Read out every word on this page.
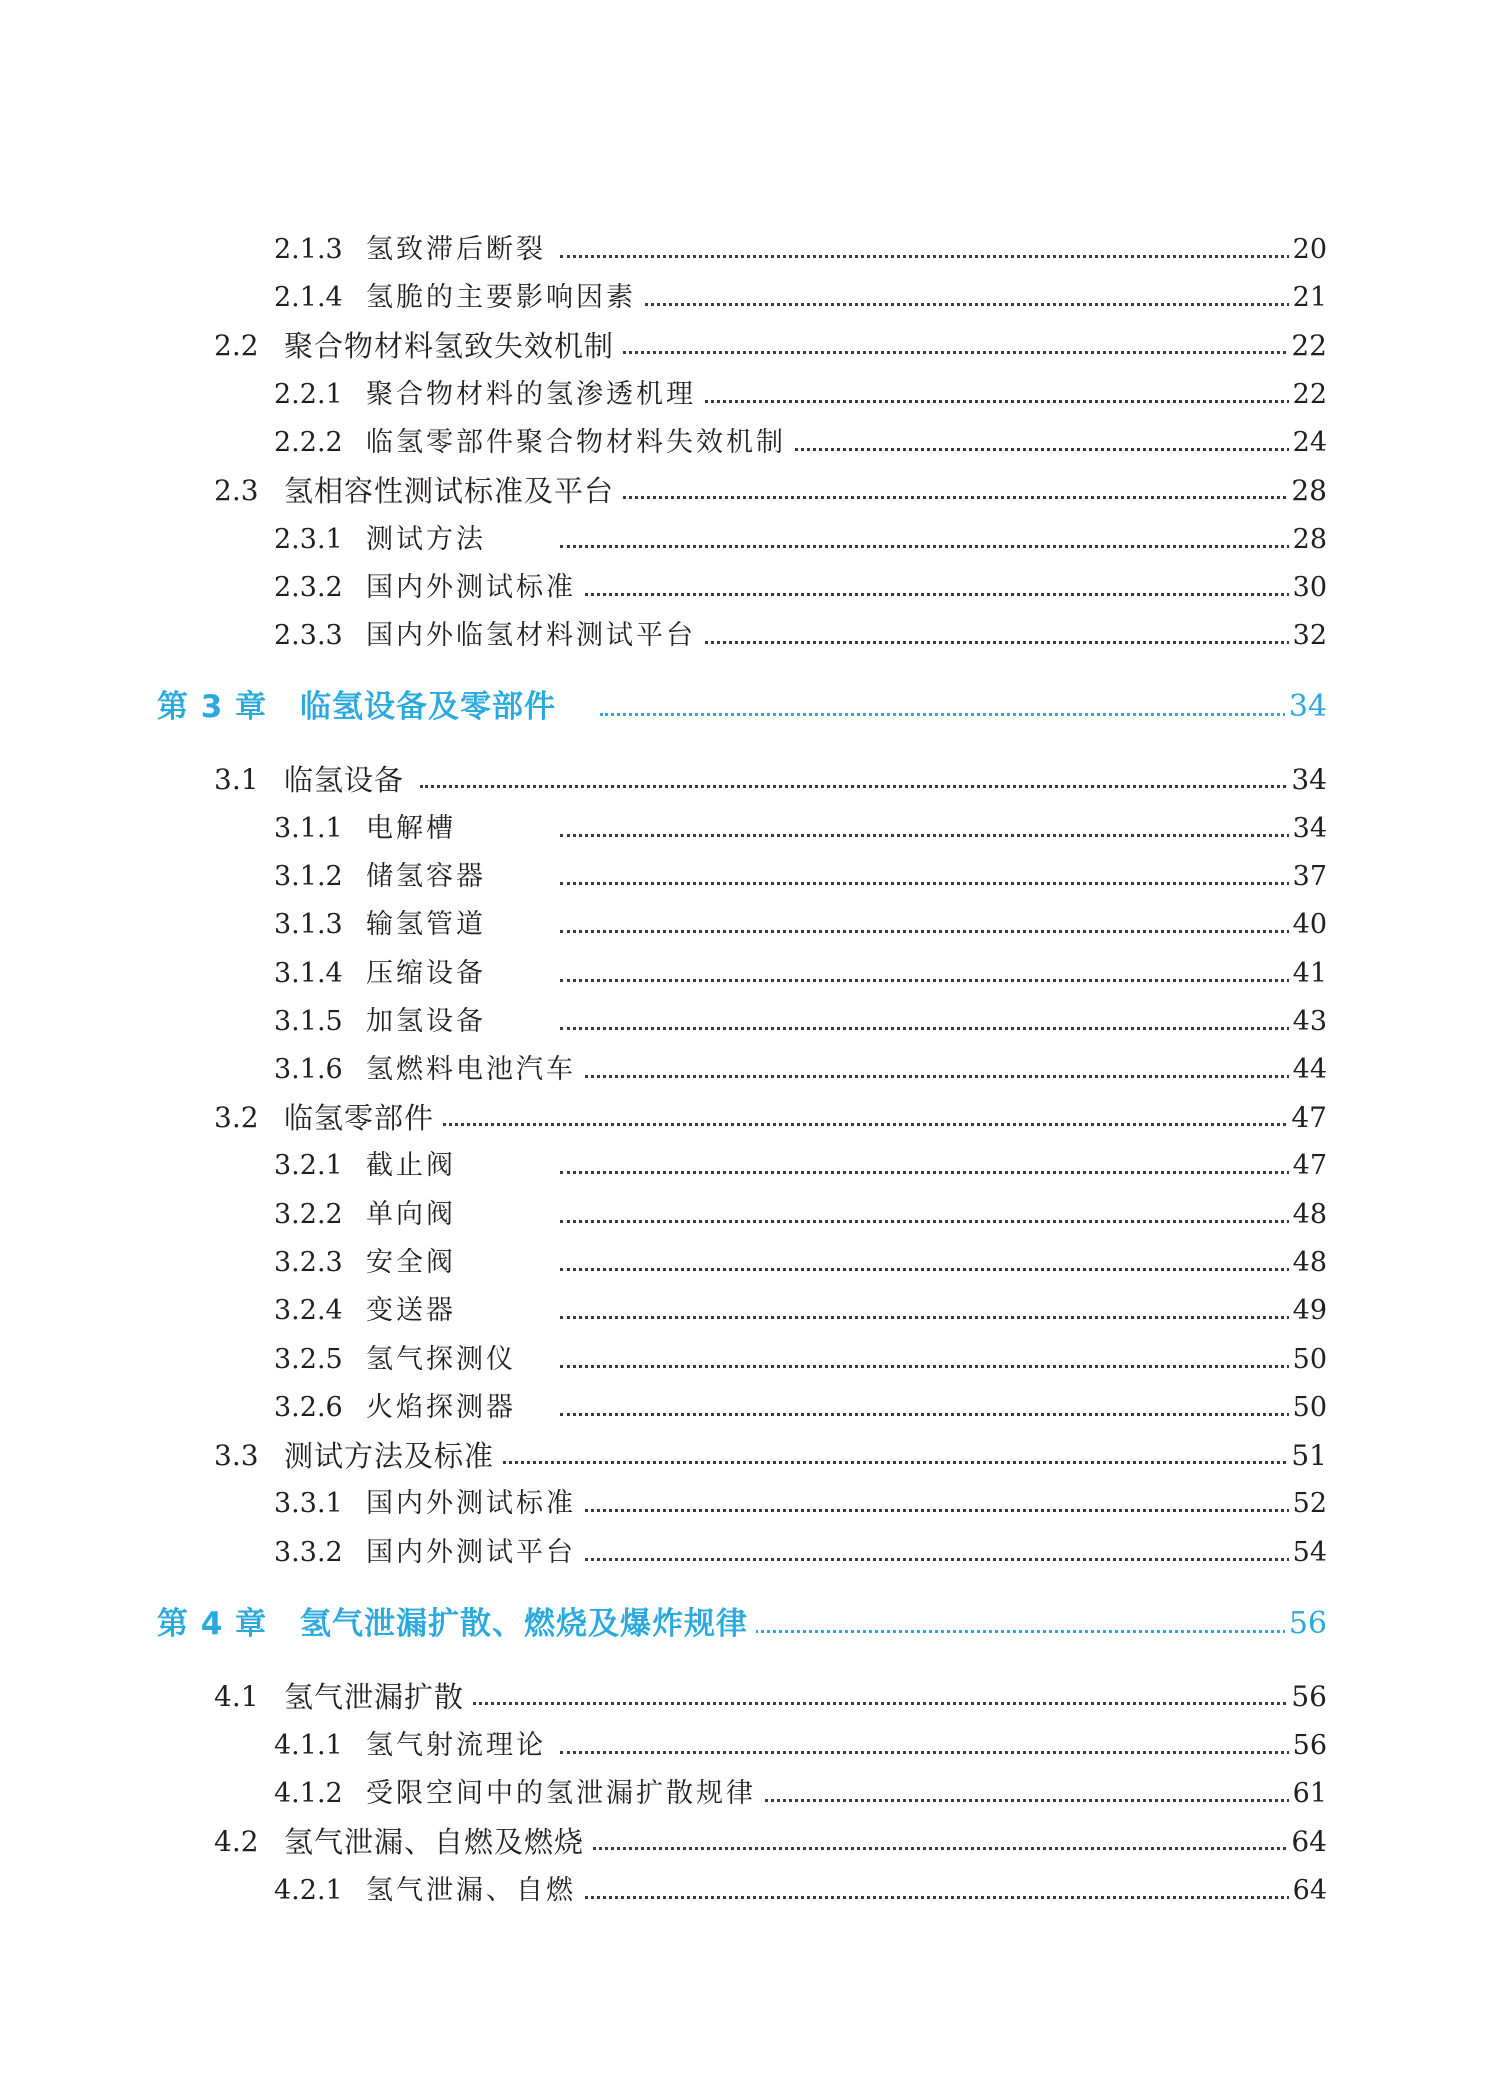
2.1.3 氢致滞后断裂	20
2.1.4 氢脆的主要影响因素	21
2.2 聚合物材料氢致失效机制	22
2.2.1 聚合物材料的氢渗透机理	22
2.2.2 临氢零部件聚合物材料失效机制	24
2.3 氢相容性测试标准及平台	28
2.3.1 测试方法	28
2.3.2 国内外测试标准	30
2.3.3 国内外临氢材料测试平台	32
第 3 章 临氢设备及零部件	34
3.1 临氢设备	34
3.1.1 电解槽	34
3.1.2 储氢容器	37
3.1.3 输氢管道	40
3.1.4 压缩设备	41
3.1.5 加氢设备	43
3.1.6 氢燃料电池汽车	44
3.2 临氢零部件	47
3.2.1 截止阀	47
3.2.2 单向阀	48
3.2.3 安全阀	48
3.2.4 变送器	49
3.2.5 氢气探测仪	50
3.2.6 火焰探测器	50
3.3 测试方法及标准	51
3.3.1 国内外测试标准	52
3.3.2 国内外测试平台	54
第 4 章 氢气泄漏扩散、燃烧及爆炸规律	56
4.1 氢气泄漏扩散	56
4.1.1 氢气射流理论	56
4.1.2 受限空间中的氢泄漏扩散规律	61
4.2 氢气泄漏、自燃及燃烧	64
4.2.1 氢气泄漏、自燃	64
